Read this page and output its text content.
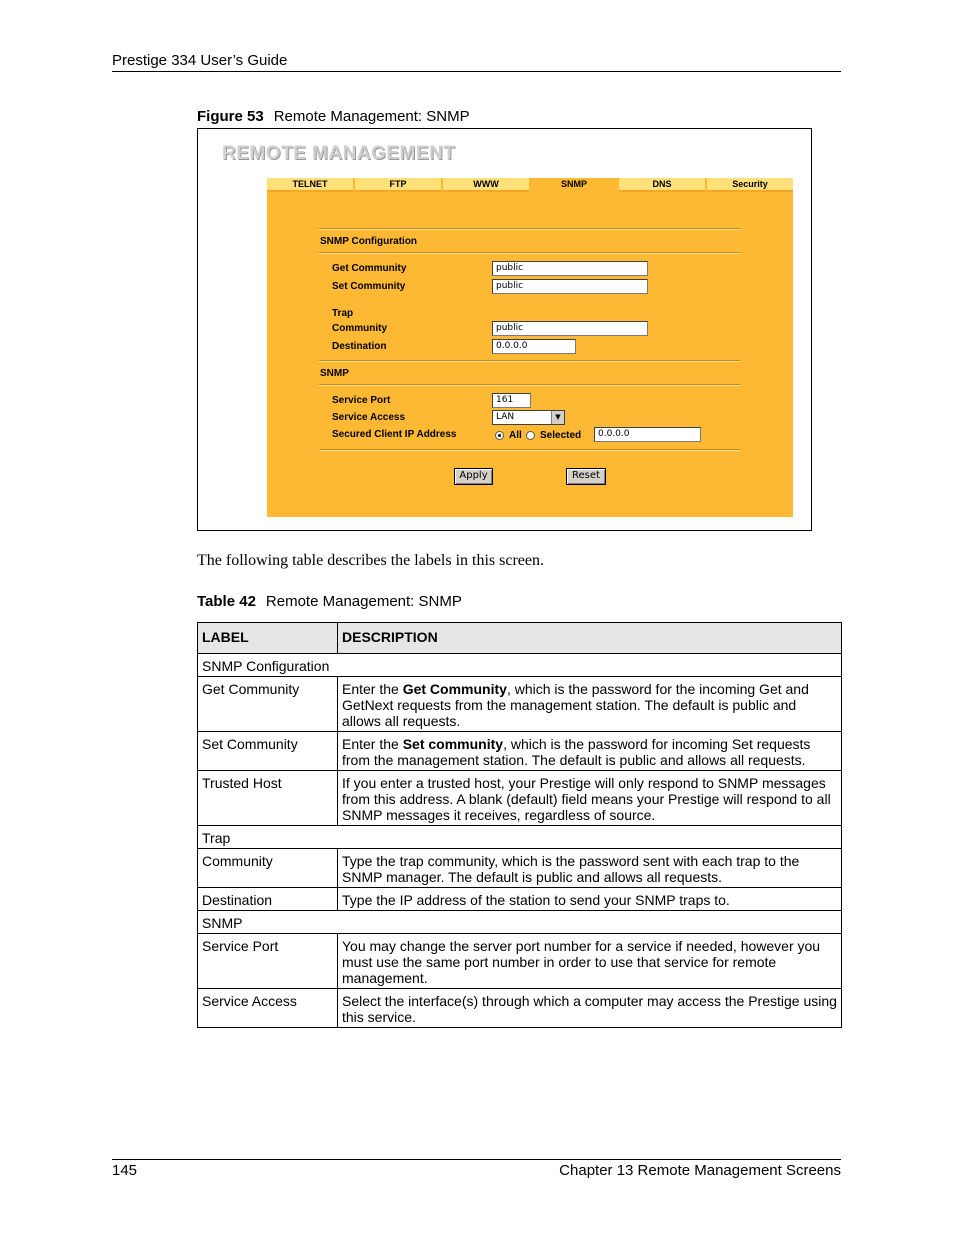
Prestige 334 User’s Guide
Figure 53 Remote Management: SNMP
REMOTE MANAGEMENT
TELNET	FTP	WWW	SNMP	DNS	Security
SNMP Configuration
Get Community	public
Set Community	public
Trap
Community	public
Destination	0.0.0.0
SNMP
Service Port	161
Service Access	LAN	▼
Secured Client IP Address	All Selected	0.0.0.0
Apply	Reset
The following table describes the labels in this screen.
Table 42 Remote Management: SNMP
LABEL	DESCRIPTION
SNMP Configuration	
Get Community	Enter the Get Community, which is the password for the incoming Get and GetNext requests from the management station. The default is public and allows all requests.
Set Community	Enter the Set community, which is the password for incoming Set requests from the management station. The default is public and allows all requests.
Trusted Host	If you enter a trusted host, your Prestige will only respond to SNMP messages from this address. A blank (default) field means your Prestige will respond to all SNMP messages it receives, regardless of source.
Trap	
Community	Type the trap community, which is the password sent with each trap to the SNMP manager. The default is public and allows all requests.
Destination	Type the IP address of the station to send your SNMP traps to.
SNMP	
Service Port	You may change the server port number for a service if needed, however you must use the same port number in order to use that service for remote management.
Service Access	Select the interface(s) through which a computer may access the Prestige using this service.
145	Chapter 13 Remote Management Screens
